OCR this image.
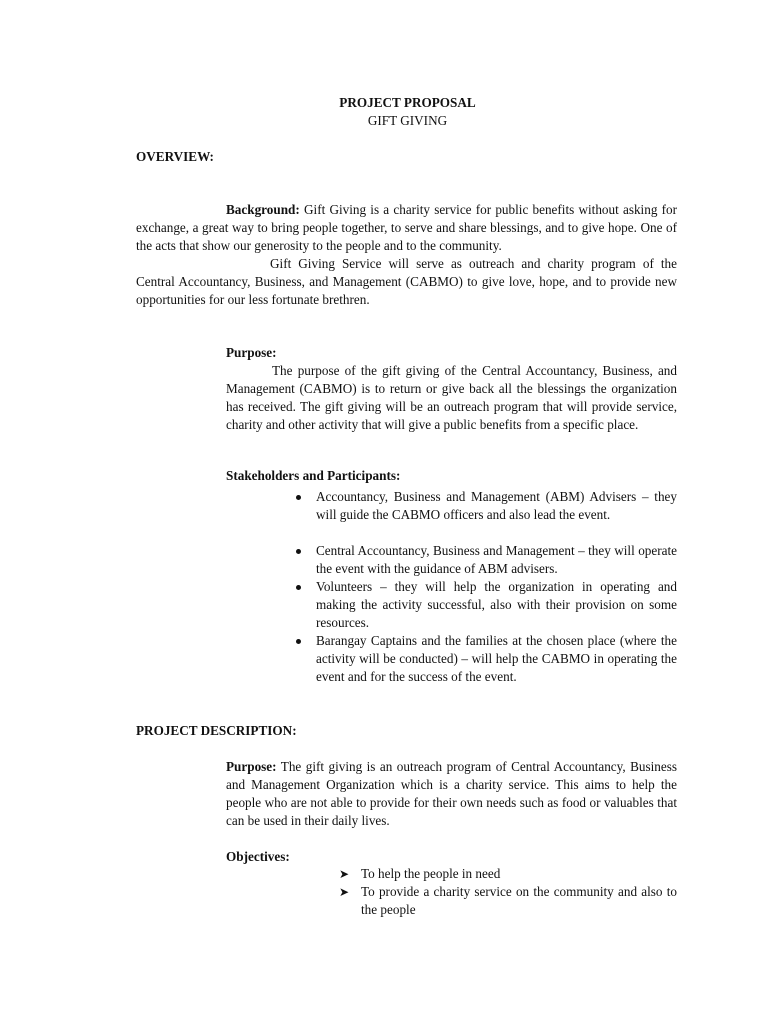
PROJECT PROPOSAL
GIFT GIVING
OVERVIEW:

Background: Gift Giving is a charity service for public benefits without asking for exchange, a great way to bring people together, to serve and share blessings, and to give hope. One of the acts that show our generosity to the people and to the community.

Gift Giving Service will serve as outreach and charity program of the Central Accountancy, Business, and Management (CABMO) to give love, hope, and to provide new opportunities for our less fortunate brethren.

Purpose:

The purpose of the gift giving of the Central Accountancy, Business, and Management (CABMO) is to return or give back all the blessings the organization has received. The gift giving will be an outreach program that will provide service, charity and other activity that will give a public benefits from a specific place.

Stakeholders and Participants:
Accountancy, Business and Management (ABM) Advisers – they will guide the CABMO officers and also lead the event.
Central Accountancy, Business and Management – they will operate the event with the guidance of ABM advisers.
Volunteers – they will help the organization in operating and making the activity successful, also with their provision on some resources.
Barangay Captains and the families at the chosen place (where the activity will be conducted) – will help the CABMO in operating the event and for the success of the event.
PROJECT DESCRIPTION:

Purpose: The gift giving is an outreach program of Central Accountancy, Business and Management Organization which is a charity service. This aims to help the people who are not able to provide for their own needs such as food or valuables that can be used in their daily lives.

Objectives:
➤ To help the people in need
➤ To provide a charity service on the community and also to the people
